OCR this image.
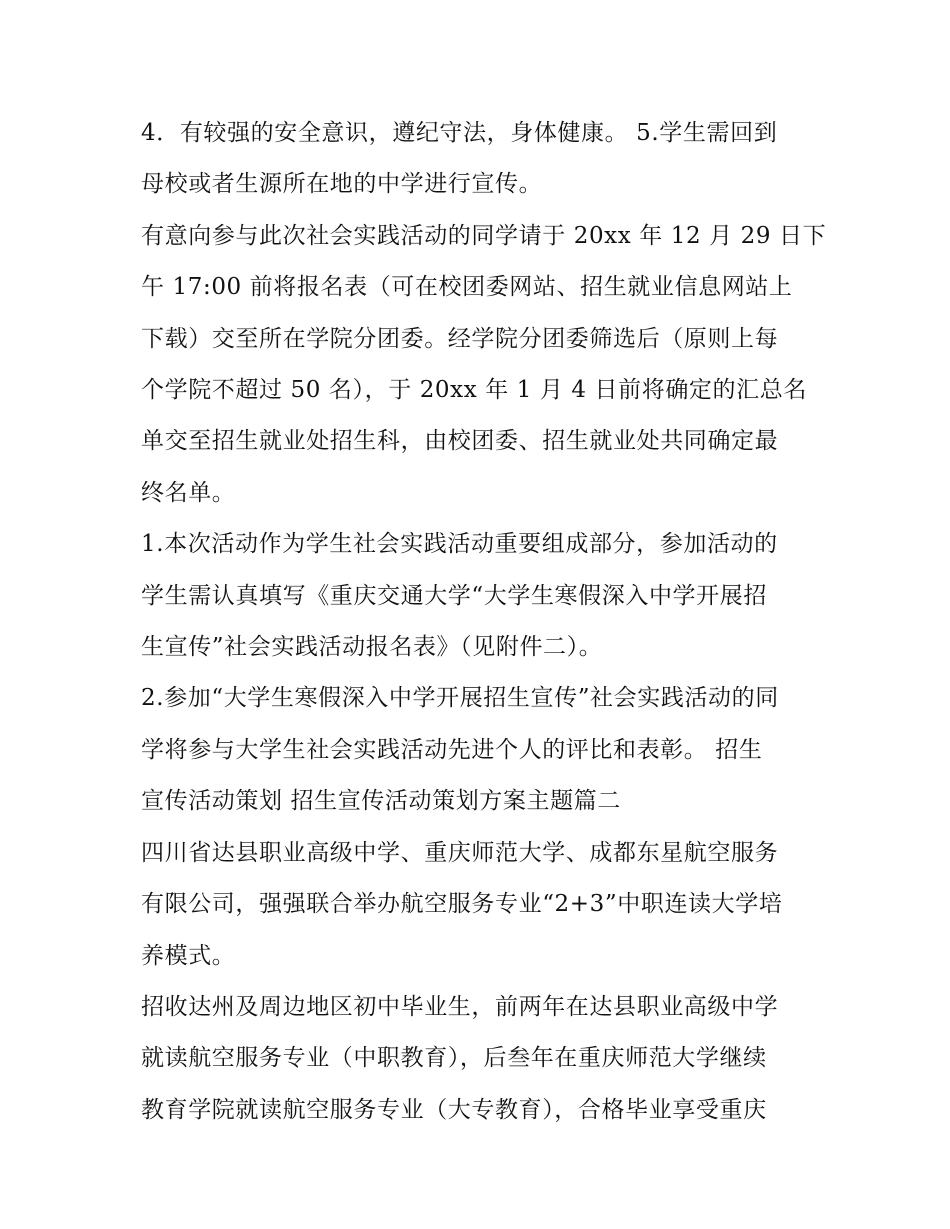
4．有较强的安全意识，遵纪守法，身体健康。 5.学生需回到
母校或者生源所在地的中学进行宣传。

有意向参与此次社会实践活动的同学请于 20xx 年 12 月 29 日下
午 17:00 前将报名表（可在校团委网站、招生就业信息网站上
下载）交至所在学院分团委。经学院分团委筛选后（原则上每
个学院不超过 50 名），于 20xx 年 1 月 4 日前将确定的汇总名
单交至招生就业处招生科，由校团委、招生就业处共同确定最
终名单。

1.本次活动作为学生社会实践活动重要组成部分，参加活动的
学生需认真填写《重庆交通大学“大学生寒假深入中学开展招
生宣传”社会实践活动报名表》（见附件二）。

2.参加“大学生寒假深入中学开展招生宣传”社会实践活动的同
学将参与大学生社会实践活动先进个人的评比和表彰。 招生
宣传活动策划 招生宣传活动策划方案主题篇二

四川省达县职业高级中学、重庆师范大学、成都东星航空服务
有限公司，强强联合举办航空服务专业“2+3”中职连读大学培
养模式。

招收达州及周边地区初中毕业生，前两年在达县职业高级中学
就读航空服务专业（中职教育），后叁年在重庆师范大学继续
教育学院就读航空服务专业（大专教育），合格毕业享受重庆
